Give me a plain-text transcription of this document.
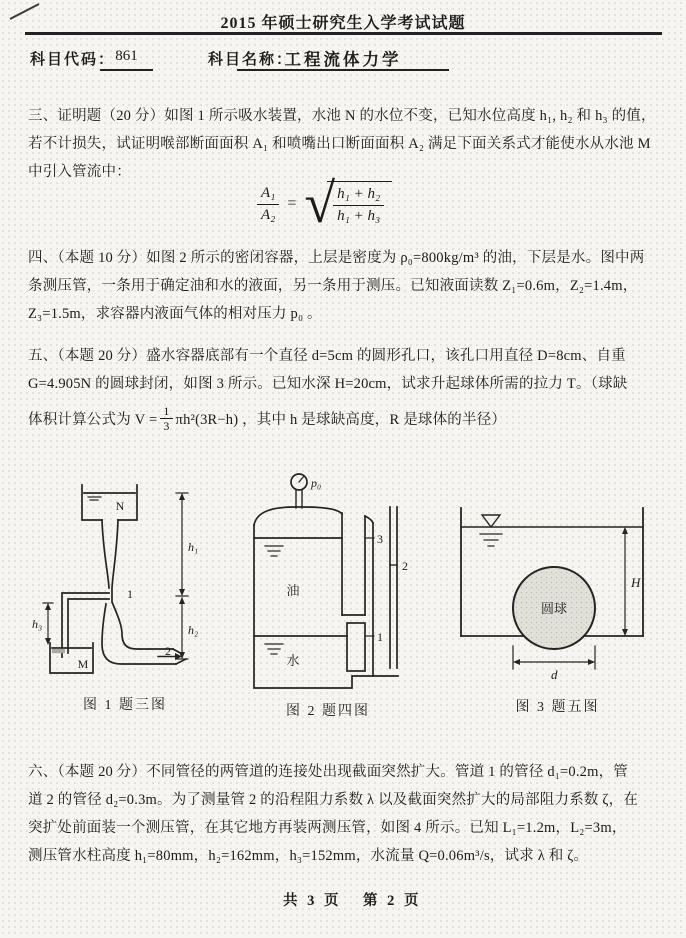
2015 年硕士研究生入学考试试题
科目代码： 861	科目名称：
工程流体力学
三、证明题（20 分）如图 1 所示吸水装置，水池 N 的水位不变，已知水位高度 h₁, h₂ 和 h₃ 的值，
若不计损失，试证明喉部断面面积 A₁ 和喷嘴出口断面面积 A₂ 满足下面关系式才能使水从水池 M
中引入管流中：
$\frac{\text{A₁}}{\text{A₂}}$ = √
$\frac{\text{h₁ + h₂}}{\text{h₁ + h₃}}$
四、（本题 10 分）如图 2 所示的密闭容器，上层是密度为 ρ₀=800kg/m³ 的油，下层是水。图中两
条测压管，一条用于确定油和水的液面，另一条用于测压。已知液面读数 Z₁=0.6m，Z₂=1.4m，
Z₃=1.5m，求容器内液面气体的相对压力 p₀ 。
五、（本题 20 分）盛水容器底部有一个直径 d=5cm 的圆形孔口，该孔口用直径 D=8cm、自重
G=4.905N 的圆球封闭，如图 3 所示。已知水深 H=20cm，试求升起球体所需的拉力 T。（球缺
体积计算公式为 $V = \frac{1}{3} \pi h^2(3R-h)$ ，其中 h 是球缺高度，R 是球体的半径）
N
M
1
2
h₁
h₂
h₃
图 1 题三图
p₀
油
水
3
2
1
图 2 题四图
圆球
H
d
图 3 题五图
六、（本题 20 分）不同管径的两管道的连接处出现截面突然扩大。管道 1 的管径 d₁=0.2m，管
道 2 的管径 d₂=0.3m。为了测量管 2 的沿程阻力系数 λ 以及截面突然扩大的局部阻力系数 ζ，在
突扩处前面装一个测压管，在其它地方再装两测压管，如图 4 所示。已知 L₁=1.2m，L₂=3m，
测压管水柱高度 h₁=80mm，h₂=162mm，h₃=152mm，水流量 Q=0.06m³/s，试求 λ 和 ζ。
共 3 页 第 2 页
